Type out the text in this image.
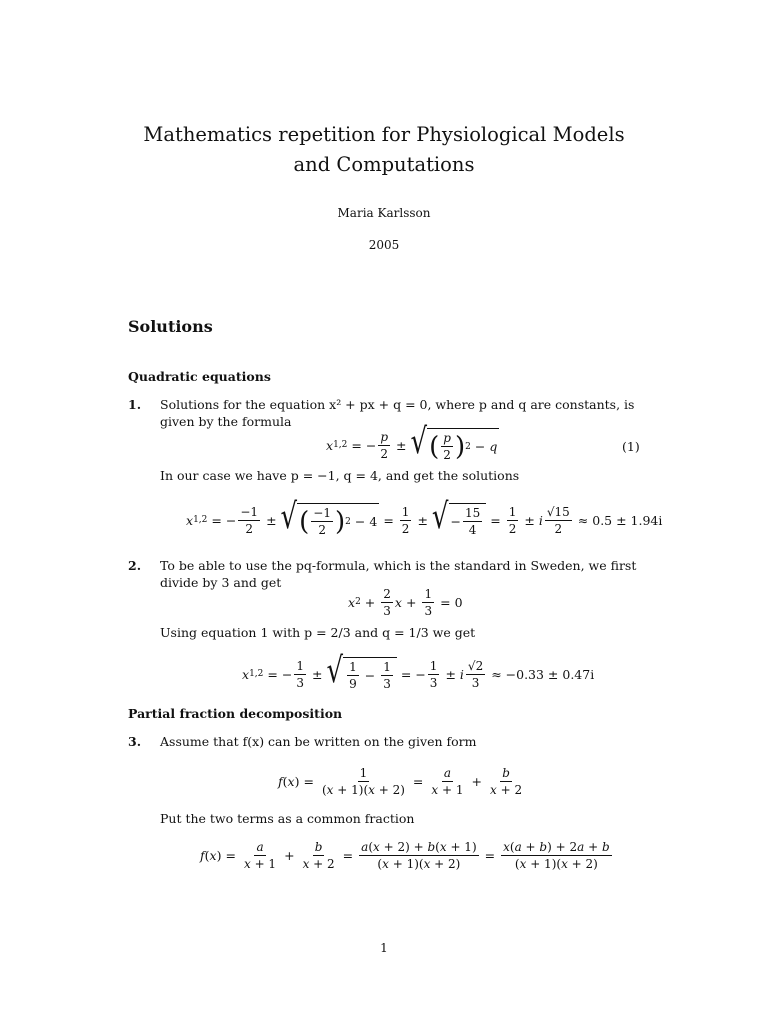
Mathematics repetition for Physiological Models
and Computations
Maria Karlsson
2005
Solutions
Quadratic equations
1. Solutions for the equation x² + px + q = 0, where p and q are constants, is given by the formula
x 1,2 = − $\frac{p}{2}$ ± √ ( $\frac{p}{2}$ ) 2 − q	(1)
In our case we have p = −1, q = 4, and get the solutions
x 1,2 = − $\frac{-1}{2}$ ± √ ( $\frac{-1}{2}$ ) $2 - 4 = \frac{1}{2}$ ± √ − $\frac{15}{4} = \frac{1}{2} \pm i \frac{√15}{2} \approx 0.5 \pm 1.94i$
2. To be able to use the pq-formula, which is the standard in Sweden, we first divide by 3 and get
x $2 + \frac{2}{3}$ $x + \frac{1}{3} = 0$
Using equation 1 with p = 2/3 and q = 1/3 we get
x 1,2 = − $\frac{1}{3}$ ± √ $\frac{1}{9} - \frac{1}{3}$ = − $\frac{1}{3} \pm i \frac{√2}{3} \approx -0.33 \pm 0.47i$
Partial fraction decomposition
3. Assume that f(x) can be written on the given form
f ( x ) = $\frac{1}{(x + 1)(x + 2)} = \frac{a}{x + 1} + \frac{b}{x + 2}$
Put the two terms as a common fraction
f ( x ) = $\frac{a}{x + 1} + \frac{b}{x + 2} = \frac{a(x + 2) + b(x + 1)}{(x + 1)(x + 2)} = \frac{x(a + b) + 2a + b}{(x + 1)(x + 2)}$
1
